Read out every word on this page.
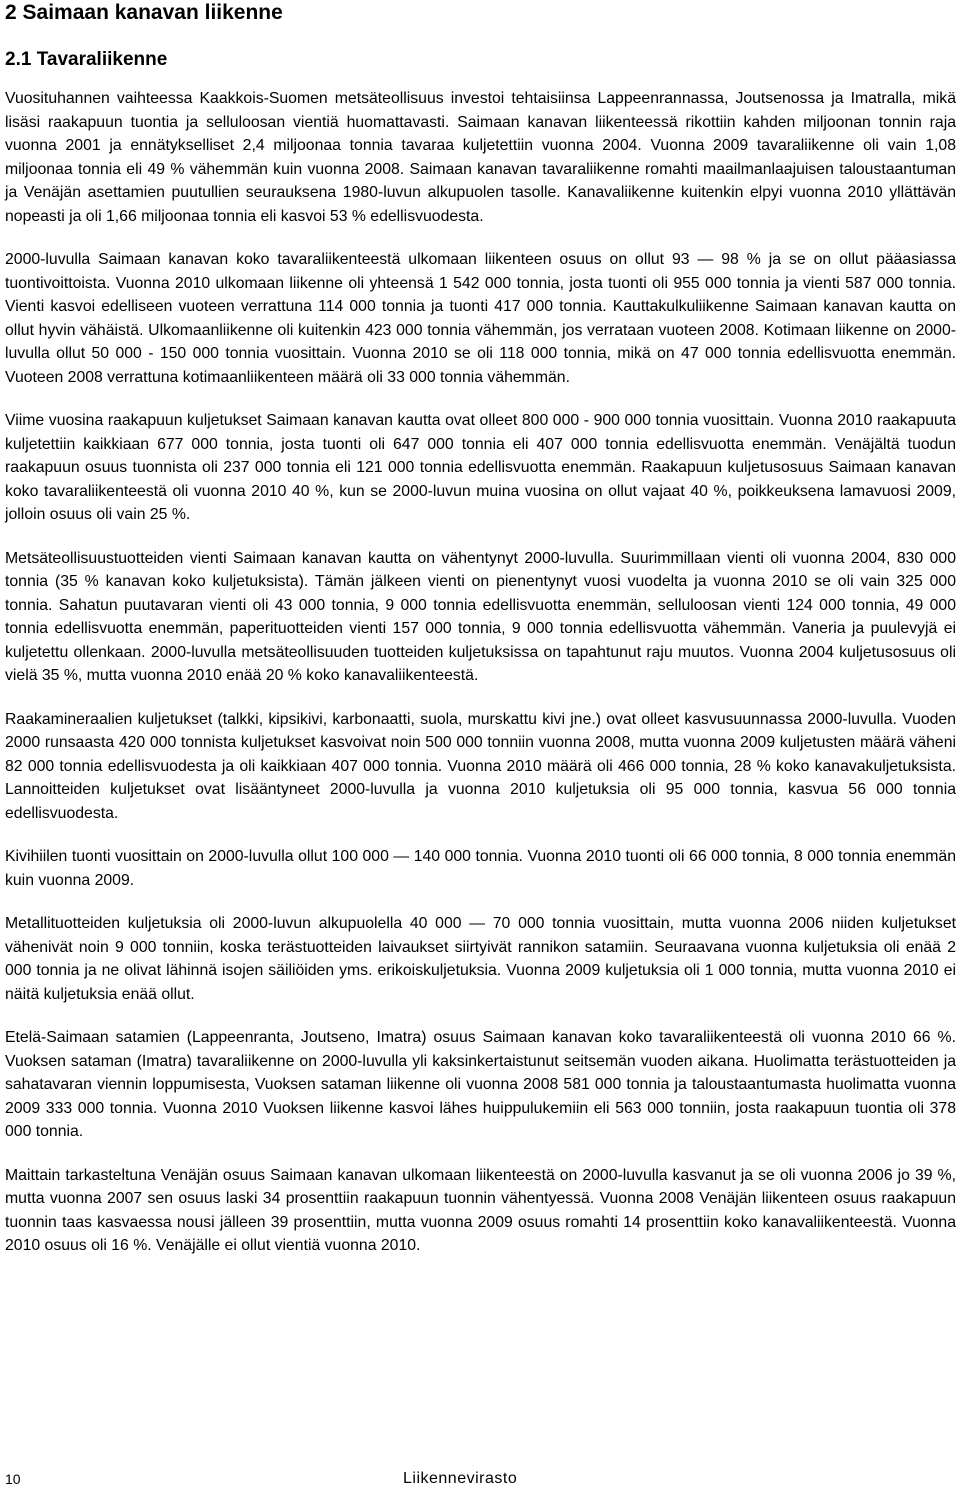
2 Saimaan kanavan liikenne
2.1 Tavaraliikenne

Vuosituhannen vaihteessa Kaakkois-Suomen metsäteollisuus investoi tehtaisiinsa Lappeenrannassa, Joutsenossa ja Imatralla, mikä lisäsi raakapuun tuontia ja selluloosan vientiä huomattavasti. Saimaan kanavan liikenteessä rikottiin kahden miljoonan tonnin raja vuonna 2001 ja ennätykselliset 2,4 miljoonaa tonnia tavaraa kuljetettiin vuonna 2004. Vuonna 2009 tavaraliikenne oli vain 1,08 miljoonaa tonnia eli 49 % vähemmän kuin vuonna 2008. Saimaan kanavan tavaraliikenne romahti maailmanlaajuisen taloustaantuman ja Venäjän asettamien puutullien seurauksena 1980-luvun alkupuolen tasolle. Kanavaliikenne kuitenkin elpyi vuonna 2010 yllättävän nopeasti ja oli 1,66 miljoonaa tonnia eli kasvoi 53 % edellisvuodesta.

2000-luvulla Saimaan kanavan koko tavaraliikenteestä ulkomaan liikenteen osuus on ollut 93 — 98 % ja se on ollut pääasiassa tuontivoittoista. Vuonna 2010 ulkomaan liikenne oli yhteensä 1 542 000 tonnia, josta tuonti oli 955 000 tonnia ja vienti 587 000 tonnia. Vienti kasvoi edelliseen vuoteen verrattuna 114 000 tonnia ja tuonti 417 000 tonnia. Kauttakulkuliikenne Saimaan kanavan kautta on ollut hyvin vähäistä. Ulkomaanliikenne oli kuitenkin 423 000 tonnia vähemmän, jos verrataan vuoteen 2008. Kotimaan liikenne on 2000-luvulla ollut 50 000 - 150 000 tonnia vuosittain. Vuonna 2010 se oli 118 000 tonnia, mikä on 47 000 tonnia edellisvuotta enemmän. Vuoteen 2008 verrattuna kotimaanliikenteen määrä oli 33 000 tonnia vähemmän.

Viime vuosina raakapuun kuljetukset Saimaan kanavan kautta ovat olleet 800 000 - 900 000 tonnia vuosittain. Vuonna 2010 raakapuuta kuljetettiin kaikkiaan 677 000 tonnia, josta tuonti oli 647 000 tonnia eli 407 000 tonnia edellisvuotta enemmän. Venäjältä tuodun raakapuun osuus tuonnista oli 237 000 tonnia eli 121 000 tonnia edellisvuotta enemmän. Raakapuun kuljetusosuus Saimaan kanavan koko tavaraliikenteestä oli vuonna 2010 40 %, kun se 2000-luvun muina vuosina on ollut vajaat 40 %, poikkeuksena lamavuosi 2009, jolloin osuus oli vain 25 %.

Metsäteollisuustuotteiden vienti Saimaan kanavan kautta on vähentynyt 2000-luvulla. Suurimmillaan vienti oli vuonna 2004, 830 000 tonnia (35 % kanavan koko kuljetuksista). Tämän jälkeen vienti on pienentynyt vuosi vuodelta ja vuonna 2010 se oli vain 325 000 tonnia. Sahatun puutavaran vienti oli 43 000 tonnia, 9 000 tonnia edellisvuotta enemmän, selluloosan vienti 124 000 tonnia, 49 000 tonnia edellisvuotta enemmän, paperituotteiden vienti 157 000 tonnia, 9 000 tonnia edellisvuotta vähemmän. Vaneria ja puulevyjä ei kuljetettu ollenkaan. 2000-luvulla metsäteollisuuden tuotteiden kuljetuksissa on tapahtunut raju muutos. Vuonna 2004 kuljetusosuus oli vielä 35 %, mutta vuonna 2010 enää 20 % koko kanavaliikenteestä.

Raakamineraalien kuljetukset (talkki, kipsikivi, karbonaatti, suola, murskattu kivi jne.) ovat olleet kasvusuunnassa 2000-luvulla. Vuoden 2000 runsaasta 420 000 tonnista kuljetukset kasvoivat noin 500 000 tonniin vuonna 2008, mutta vuonna 2009 kuljetusten määrä väheni 82 000 tonnia edellisvuodesta ja oli kaikkiaan 407 000 tonnia. Vuonna 2010 määrä oli 466 000 tonnia, 28 % koko kanavakuljetuksista. Lannoitteiden kuljetukset ovat lisääntyneet 2000-luvulla ja vuonna 2010 kuljetuksia oli 95 000 tonnia, kasvua 56 000 tonnia edellisvuodesta.

Kivihiilen tuonti vuosittain on 2000-luvulla ollut 100 000 — 140 000 tonnia. Vuonna 2010 tuonti oli 66 000 tonnia, 8 000 tonnia enemmän kuin vuonna 2009.

Metallituotteiden kuljetuksia oli 2000-luvun alkupuolella 40 000 — 70 000 tonnia vuosittain, mutta vuonna 2006 niiden kuljetukset vähenivät noin 9 000 tonniin, koska terästuotteiden laivaukset siirtyivät rannikon satamiin. Seuraavana vuonna kuljetuksia oli enää 2 000 tonnia ja ne olivat lähinnä isojen säiliöiden yms. erikoiskuljetuksia. Vuonna 2009 kuljetuksia oli 1 000 tonnia, mutta vuonna 2010 ei näitä kuljetuksia enää ollut.

Etelä-Saimaan satamien (Lappeenranta, Joutseno, Imatra) osuus Saimaan kanavan koko tavaraliikenteestä oli vuonna 2010 66 %. Vuoksen sataman (Imatra) tavaraliikenne on 2000-luvulla yli kaksinkertaistunut seitsemän vuoden aikana. Huolimatta terästuotteiden ja sahatavaran viennin loppumisesta, Vuoksen sataman liikenne oli vuonna 2008 581 000 tonnia ja taloustaantumasta huolimatta vuonna 2009 333 000 tonnia. Vuonna 2010 Vuoksen liikenne kasvoi lähes huippulukemiin eli 563 000 tonniin, josta raakapuun tuontia oli 378 000 tonnia.

Maittain tarkasteltuna Venäjän osuus Saimaan kanavan ulkomaan liikenteestä on 2000-luvulla kasvanut ja se oli vuonna 2006 jo 39 %, mutta vuonna 2007 sen osuus laski 34 prosenttiin raakapuun tuonnin vähentyessä. Vuonna 2008 Venäjän liikenteen osuus raakapuun tuonnin taas kasvaessa nousi jälleen 39 prosenttiin, mutta vuonna 2009 osuus romahti 14 prosenttiin koko kanavaliikenteestä. Vuonna 2010 osuus oli 16 %. Venäjälle ei ollut vientiä vuonna 2010.

10	Liikennevirasto
